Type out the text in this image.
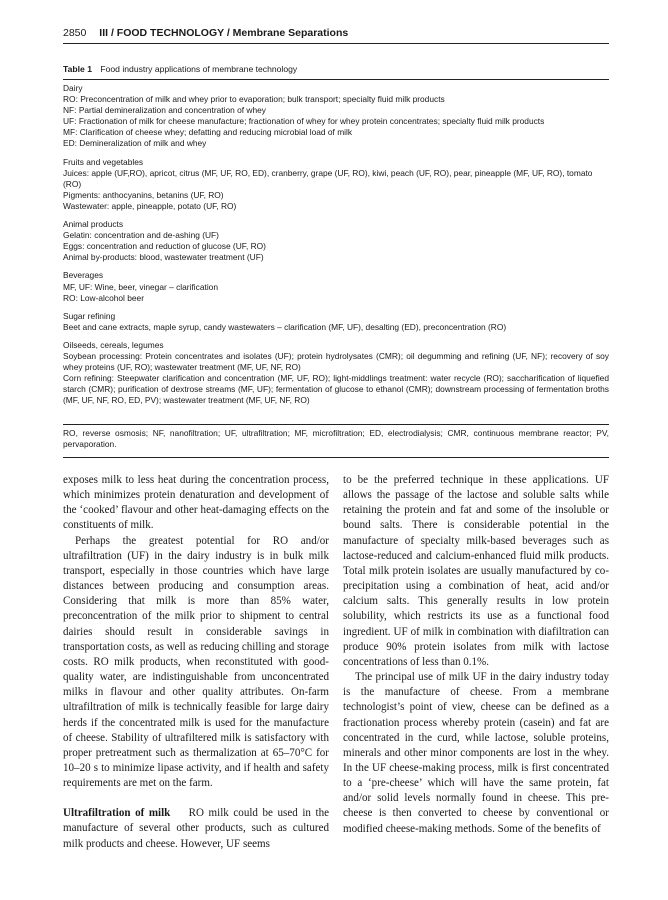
2850 III / FOOD TECHNOLOGY / Membrane Separations
Table 1 Food industry applications of membrane technology
Dairy
RO: Preconcentration of milk and whey prior to evaporation; bulk transport; specialty fluid milk products
NF: Partial demineralization and concentration of whey
UF: Fractionation of milk for cheese manufacture; fractionation of whey for whey protein concentrates; specialty fluid milk products
MF: Clarification of cheese whey; defatting and reducing microbial load of milk
ED: Demineralization of milk and whey
Fruits and vegetables
Juices: apple (UF,RO), apricot, citrus (MF, UF, RO, ED), cranberry, grape (UF, RO), kiwi, peach (UF, RO), pear, pineapple (MF, UF, RO), tomato (RO)
Pigments: anthocyanins, betanins (UF, RO)
Wastewater: apple, pineapple, potato (UF, RO)
Animal products
Gelatin: concentration and de-ashing (UF)
Eggs: concentration and reduction of glucose (UF, RO)
Animal by-products: blood, wastewater treatment (UF)
Beverages
MF, UF: Wine, beer, vinegar – clarification
RO: Low-alcohol beer
Sugar refining
Beet and cane extracts, maple syrup, candy wastewaters – clarification (MF, UF), desalting (ED), preconcentration (RO)
Oilseeds, cereals, legumes
Soybean processing: Protein concentrates and isolates (UF); protein hydrolysates (CMR); oil degumming and refining (UF, NF); recovery of soy whey proteins (UF, RO); wastewater treatment (MF, UF, NF, RO)
Corn refining: Steepwater clarification and concentration (MF, UF, RO); light-middlings treatment: water recycle (RO); saccharification of liquefied starch (CMR); purification of dextrose streams (MF, UF); fermentation of glucose to ethanol (CMR); downstream processing of fermentation broths (MF, UF, NF, RO, ED, PV); wastewater treatment (MF, UF, NF, RO)
RO, reverse osmosis; NF, nanofiltration; UF, ultrafiltration; MF, microfiltration; ED, electrodialysis; CMR, continuous membrane reactor; PV, pervaporation.

exposes milk to less heat during the concentration process, which minimizes protein denaturation and development of the ‘cooked’ flavour and other heat-damaging effects on the constituents of milk.

Perhaps the greatest potential for RO and/or ultrafiltration (UF) in the dairy industry is in bulk milk transport, especially in those countries which have large distances between producing and consumption areas. Considering that milk is more than 85% water, preconcentration of the milk prior to shipment to central dairies should result in considerable savings in transportation costs, as well as reducing chilling and storage costs. RO milk products, when reconstituted with good-quality water, are indistinguishable from unconcentrated milks in flavour and other quality attributes. On-farm ultrafiltration of milk is technically feasible for large dairy herds if the concentrated milk is used for the manufacture of cheese. Stability of ultrafiltered milk is satisfactory with proper pretreatment such as thermalization at 65–70°C for 10–20 s to minimize lipase activity, and if health and safety requirements are met on the farm.

Ultrafiltration of milk RO milk could be used in the manufacture of several other products, such as cultured milk products and cheese. However, UF seems

to be the preferred technique in these applications. UF allows the passage of the lactose and soluble salts while retaining the protein and fat and some of the insoluble or bound salts. There is considerable potential in the manufacture of specialty milk-based beverages such as lactose-reduced and calcium-enhanced fluid milk products. Total milk protein isolates are usually manufactured by co-precipitation using a combination of heat, acid and/or calcium salts. This generally results in low protein solubility, which restricts its use as a functional food ingredient. UF of milk in combination with diafiltration can produce 90% protein isolates from milk with lactose concentrations of less than 0.1%.

The principal use of milk UF in the dairy industry today is the manufacture of cheese. From a membrane technologist’s point of view, cheese can be defined as a fractionation process whereby protein (casein) and fat are concentrated in the curd, while lactose, soluble proteins, minerals and other minor components are lost in the whey. In the UF cheese-making process, milk is first concentrated to a ‘pre-cheese’ which will have the same protein, fat and/or solid levels normally found in cheese. This pre-cheese is then converted to cheese by conventional or modified cheese-making methods. Some of the benefits of
